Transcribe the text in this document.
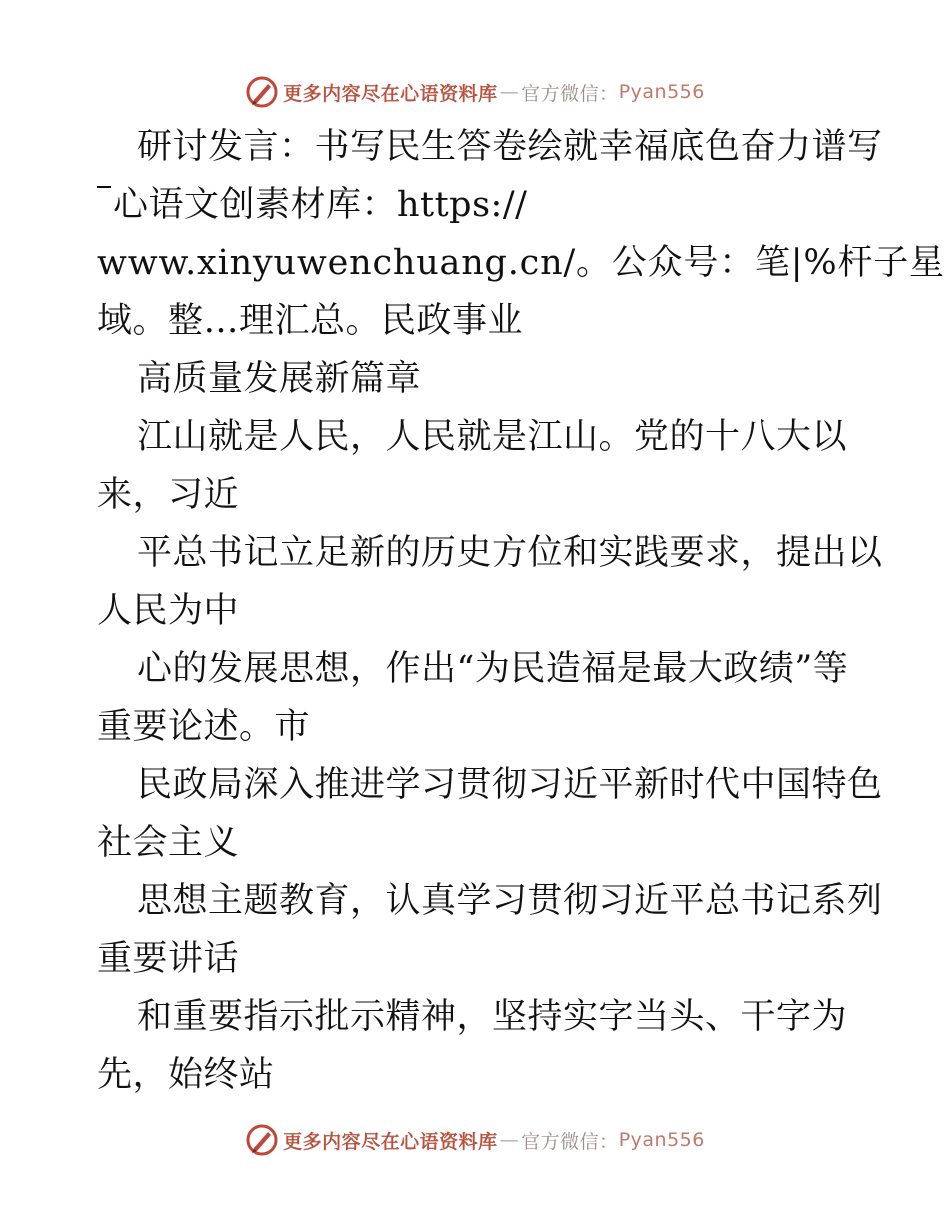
更多内容尽在心语资料库 — 官方微信： Pyan556
研讨发言：书写民生答卷绘就幸福底色奋力谱写
心语文创素材库：https://
www.xinyuwenchuang.cn/。公众号：笔|%杆子星
域。整…理汇总。民政事业
高质量发展新篇章
江山就是人民，人民就是江山。党的十八大以
来，习近
平总书记立足新的历史方位和实践要求，提出以
人民为中
心的发展思想，作出“为民造福是最大政绩”等
重要论述。市
民政局深入推进学习贯彻习近平新时代中国特色
社会主义
思想主题教育，认真学习贯彻习近平总书记系列
重要讲话
和重要指示批示精神，坚持实字当头、干字为
先，始终站
更多内容尽在心语资料库 — 官方微信： Pyan556
